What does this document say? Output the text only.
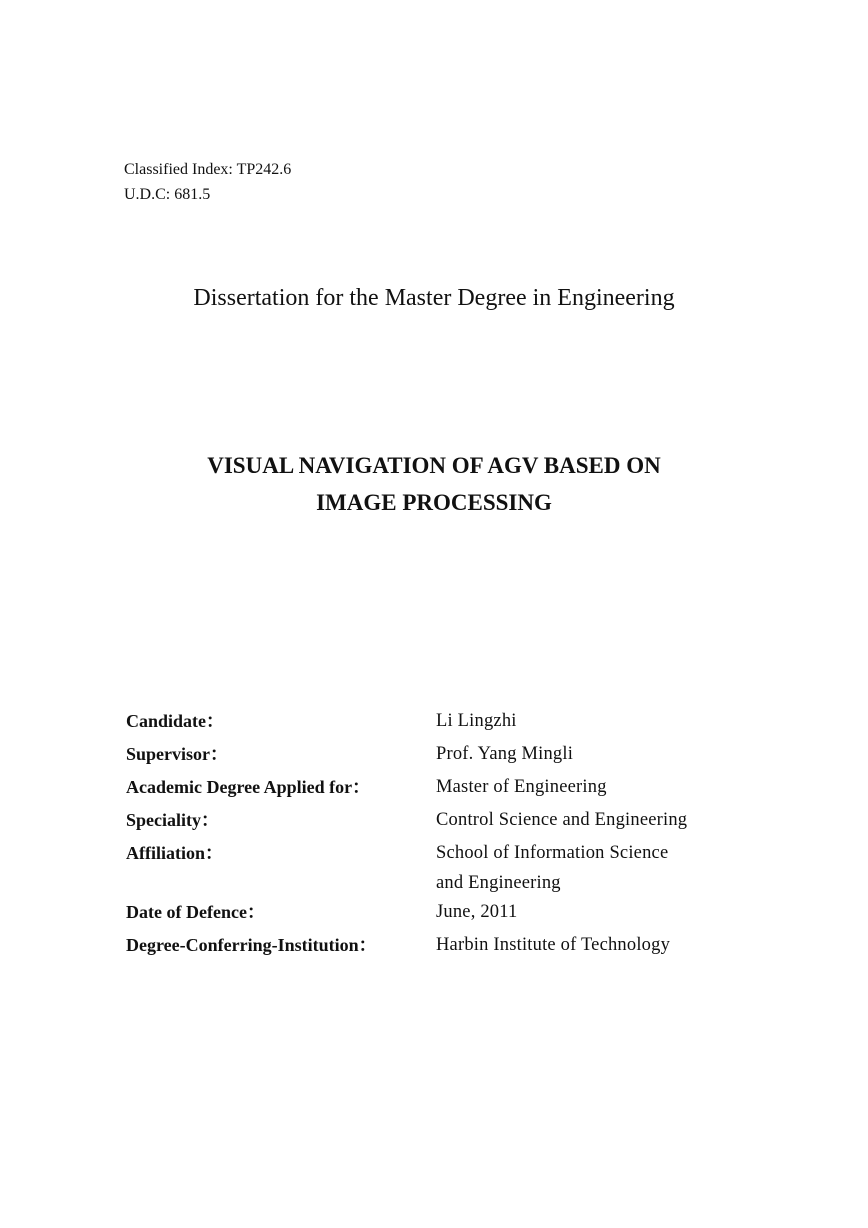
Classified Index: TP242.6
U.D.C: 681.5
Dissertation for the Master Degree in Engineering
VISUAL NAVIGATION OF AGV BASED ON
IMAGE PROCESSING
Candidate：	Li Lingzhi
Supervisor：	Prof. Yang Mingli
Academic Degree Applied for：	Master of Engineering
Speciality：	Control Science and Engineering
Affiliation：	School of Information Science
and Engineering
Date of Defence：	June, 2011
Degree-Conferring-Institution：	Harbin Institute of Technology
